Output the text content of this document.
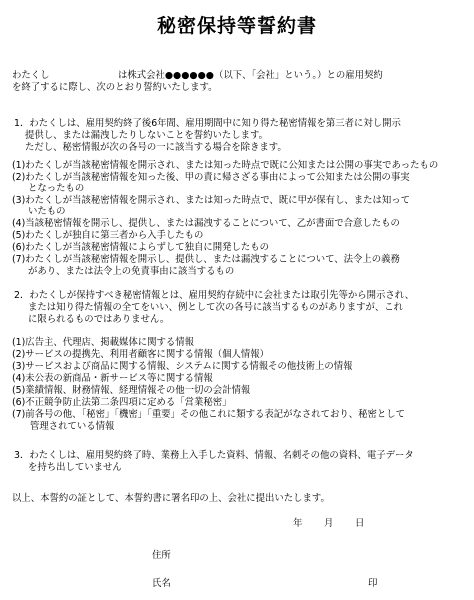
秘密保持等誓約書
わたくし	は株式会社●●●●●●（以下、「会社」という。）との雇用契約
を終了するに際し、次のとおり誓約いたします。
1．わたくしは、雇用契約終了後6年間、雇用期間中に知り得た秘密情報を第三者に対し開示
提供し、または漏洩したりしないことを誓約いたします。
ただし、秘密情報が次の各号の一に該当する場合を除きます。
(1)わたくしが当該秘密情報を開示され、または知った時点で既に公知または公開の事実であったもの
(2)わたくしが当該秘密情報を知った後、甲の責に帰さざる事由によって公知または公開の事実
となったもの
(3)わたくしが当該秘密情報を開示され、または知った時点で、既に甲が保有し、または知って
いたもの
(4)当該秘密情報を開示し、提供し、または漏洩することについて、乙が書面で合意したもの
(5)わたくしが独自に第三者から入手したもの
(6)わたくしが当該秘密情報によらずして独自に開発したもの
(7)わたくしが当該秘密情報を開示し、提供し、または漏洩することについて、法令上の義務
があり、または法令上の免責事由に該当するもの
2．わたくしが保持すべき秘密情報とは、雇用契約存続中に会社または取引先等から開示され、
または知り得た情報の全てをいい、例として次の各号に該当するものがありますが、これ
に限られるものではありません。
(1)広告主、代理店、掲載媒体に関する情報
(2)サービスの提携先、利用者顧客に関する情報（個人情報）
(3)サービスおよび商品に関する情報、システムに関する情報その他技術上の情報
(4)未公表の新商品・新サービス等に関する情報
(5)業績情報、財務情報、経理情報その他一切の会計情報
(6)不正競争防止法第二条四項に定める「営業秘密」
(7)前各号の他、「秘密」「機密」「重要」その他これに類する表記がなされており、秘密として
管理されている情報
3．わたくしは、雇用契約終了時、業務上入手した資料、情報、名刺その他の資料、電子データ
を持ち出していません
以上、本誓約の証として、本誓約書に署名印の上、会社に提出いたします。
年 月 日
住所
氏名	印
